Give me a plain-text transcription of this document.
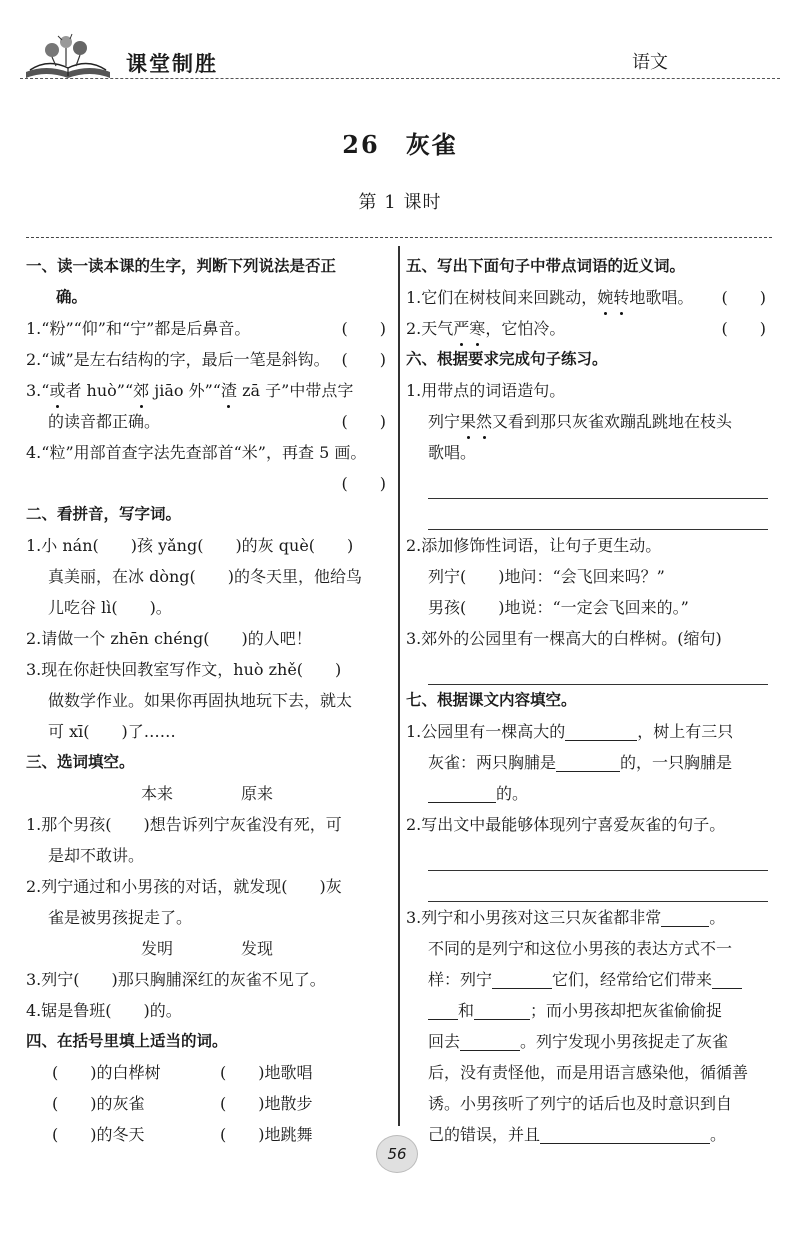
课堂制胜	语文
26　灰雀
第 1 课时
一、读一读本课的生字，判断下列说法是否正
确。
1.“粉”“仰”和“宁”都是后鼻音。	(　　)
2.“诚”是左右结构的字，最后一笔是斜钩。 (　　)
3.“或者 huò”“郊 jiāo 外”“渣 zā 子”中带点字
的读音都正确。	(　　)
4.“粒”用部首查字法先查部首“米”，再查 5 画。
(　　)
二、看拼音，写字词。
1.小 nán(　　)孩 yǎng(　　)的灰 què(　　)
真美丽，在冰 dòng(　　)的冬天里，他给鸟
儿吃谷 lì(　　)。
2.请做一个 zhēn chéng(　　)的人吧！
3.现在你赶快回教室写作文，huò zhě(　　)
做数学作业。如果你再固执地玩下去，就太
可 xī(　　)了……
三、选词填空。
本来	原来
1.那个男孩(　　)想告诉列宁灰雀没有死，可
是却不敢讲。
2.列宁通过和小男孩的对话，就发现(　　)灰
雀是被男孩捉走了。
发明	发现
3.列宁(　　)那只胸脯深红的灰雀不见了。
4.锯是鲁班(　　)的。
四、在括号里填上适当的词。
(　　)的白桦树	(　　)地歌唱
(　　)的灰雀	(　　)地散步
(　　)的冬天	(　　)地跳舞
五、写出下面句子中带点词语的近义词。
1.它们在树枝间来回跳动，婉转地歌唱。 (　　)
2.天气严寒，它怕冷。	(　　)
六、根据要求完成句子练习。
1.用带点的词语造句。
列宁果然又看到那只灰雀欢蹦乱跳地在枝头
歌唱。
2.添加修饰性词语，让句子更生动。
列宁(　　)地问：“会飞回来吗？”
男孩(　　)地说：“一定会飞回来的。”
3.郊外的公园里有一棵高大的白桦树。(缩句)
七、根据课文内容填空。
1.公园里有一棵高大的	，树上有三只
灰雀：两只胸脯是	的，一只胸脯是
的。
2.写出文中最能够体现列宁喜爱灰雀的句子。
3.列宁和小男孩对这三只灰雀都非常	。
不同的是列宁和这位小男孩的表达方式不一
样：列宁	它们，经常给它们带来
和	；而小男孩却把灰雀偷偷捉
回去	。列宁发现小男孩捉走了灰雀
后，没有责怪他，而是用语言感染他，循循善
诱。小男孩听了列宁的话后也及时意识到自
己的错误，并且	。
56
